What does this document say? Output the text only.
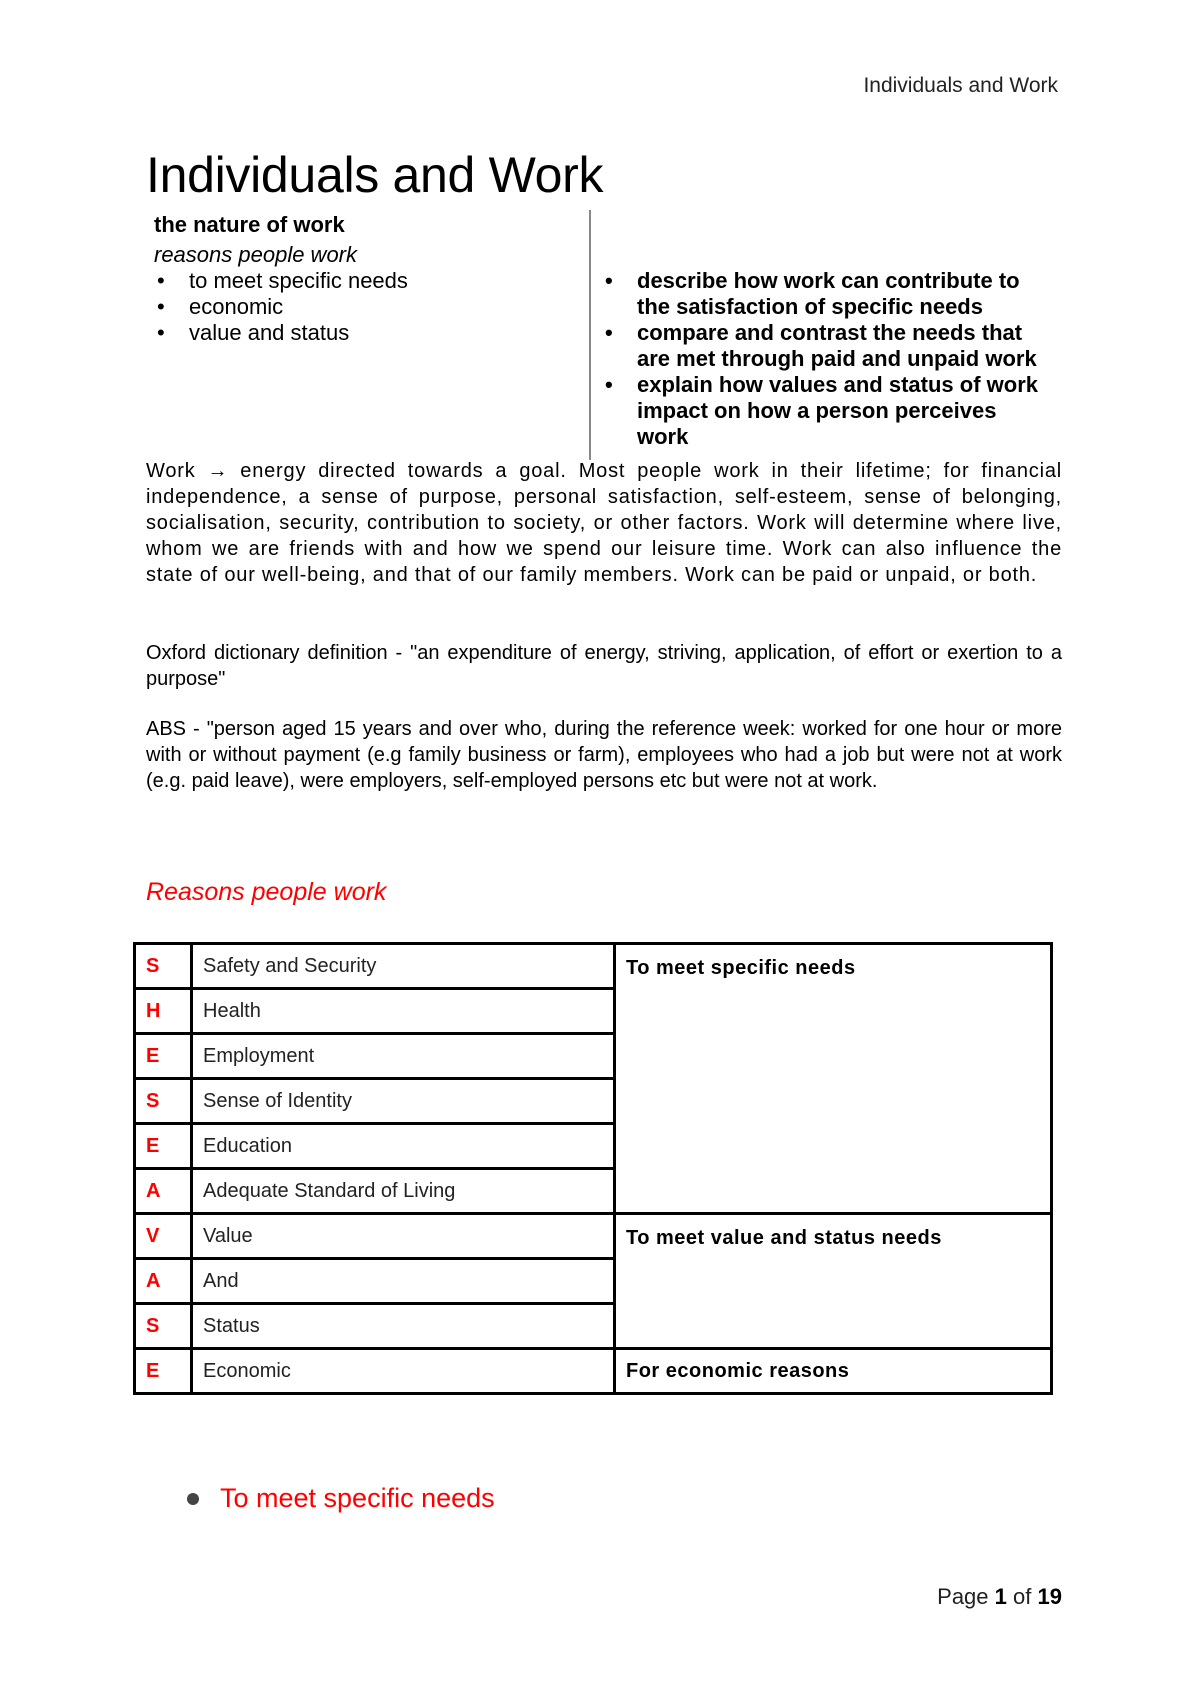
Individuals and Work
Individuals and Work

the nature of work

reasons people work

• to meet specific needs
• economic
• value and status
• describe how work can contribute to the satisfaction of specific needs
• compare and contrast the needs that are met through paid and unpaid work
• explain how values and status of work impact on how a person perceives work

Work → energy directed towards a goal. Most people work in their lifetime; for financial independence, a sense of purpose, personal satisfaction, self-esteem, sense of belonging, socialisation, security, contribution to society, or other factors. Work will determine where live, whom we are friends with and how we spend our leisure time. Work can also influence the state of our well-being, and that of our family members. Work can be paid or unpaid, or both.

Oxford dictionary definition - "an expenditure of energy, striving, application, of effort or exertion to a purpose"

ABS - "person aged 15 years and over who, during the reference week: worked for one hour or more with or without payment (e.g family business or farm), employees who had a job but were not at work (e.g. paid leave), were employers, self-employed persons etc but were not at work.

Reasons people work
S	Safety and Security	To meet specific needs
H	Health	
E	Employment	
S	Sense of Identity	
E	Education	
A	Adequate Standard of Living	
V	Value	To meet value and status needs
A	And	
S	Status	
E	Economic	For economic reasons
To meet specific needs
Page 1 of 19
